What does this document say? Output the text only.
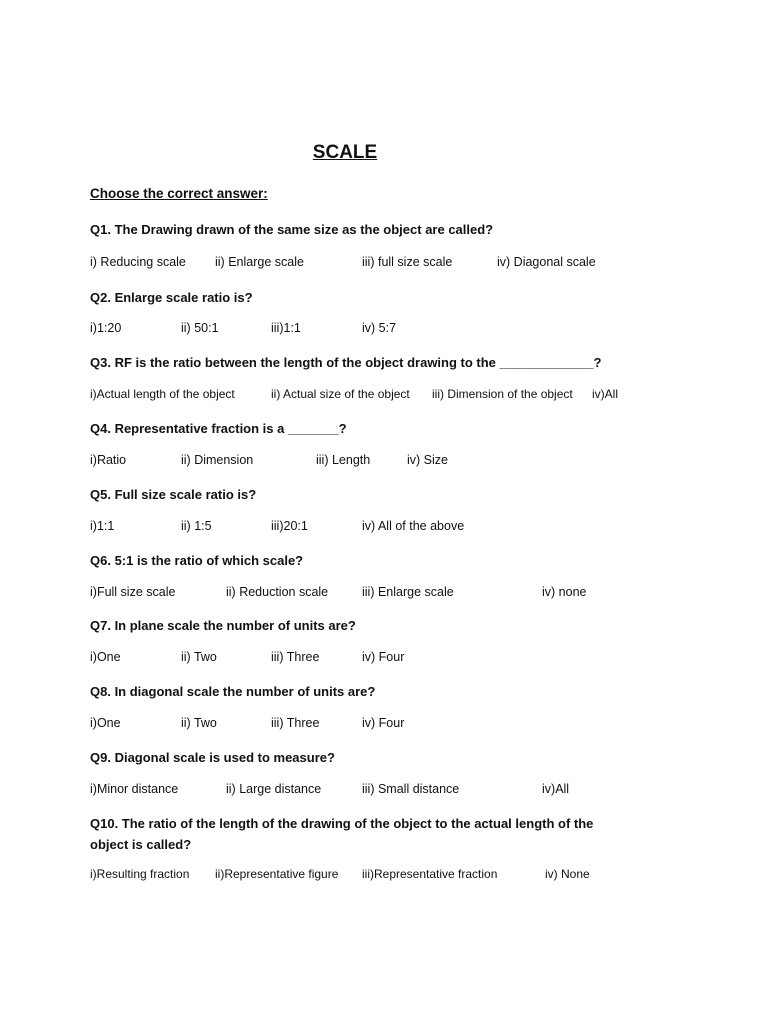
SCALE
Choose the correct answer:
Q1. The Drawing drawn of the same size as the object are called?
i) Reducing scale ii) Enlarge scale	iii) full size scale	iv) Diagonal scale
Q2. Enlarge scale ratio is?
i)1:20	ii) 50:1	iii)1:1	iv) 5:7
Q3. RF is the ratio between the length of the object drawing to the _____________?
i)Actual length of the object	ii) Actual size of the object iii) Dimension of the object iv)All
Q4. Representative fraction is a _______?
i)Ratio	ii) Dimension	iii) Length	iv) Size
Q5. Full size scale ratio is?
i)1:1	ii) 1:5	iii)20:1	iv) All of the above
Q6. 5:1 is the ratio of which scale?
i)Full size scale	ii) Reduction scale	iii) Enlarge scale	iv) none
Q7. In plane scale the number of units are?
i)One	ii) Two	iii) Three	iv) Four
Q8. In diagonal scale the number of units are?
i)One	ii) Two	iii) Three	iv) Four
Q9. Diagonal scale is used to measure?
i)Minor distance	ii) Large distance	iii) Small distance	iv)All
Q10. The ratio of the length of the drawing of the object to the actual length of the object is called?
i)Resulting fraction ii)Representative figure iii)Representative fraction	iv) None
